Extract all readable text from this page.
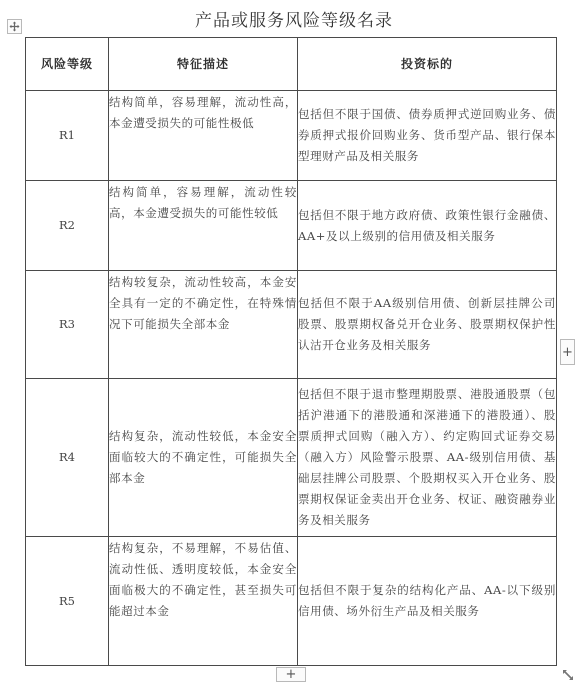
产品或服务风险等级名录
风险等级	特征描述	投资标的
R1	结构简单，容易理解，流动性高，本金遭受损失的可能性极低	包括但不限于国债、债券质押式逆回购业务、债券质押式报价回购业务、货币型产品、银行保本型理财产品及相关服务
R2	结构简单，容易理解，流动性较高，本金遭受损失的可能性较低	包括但不限于地方政府债、政策性银行金融债、AA+及以上级别的信用债及相关服务
R3	结构较复杂，流动性较高，本金安全具有一定的不确定性，在特殊情况下可能损失全部本金	包括但不限于AA级别信用债、创新层挂牌公司股票、股票期权备兑开仓业务、股票期权保护性认沽开仓业务及相关服务
R4	结构复杂，流动性较低，本金安全面临较大的不确定性，可能损失全部本金	包括但不限于退市整理期股票、港股通股票（包括沪港通下的港股通和深港通下的港股通）、股票质押式回购（融入方）、约定购回式证券交易（融入方）风险警示股票、AA-级别信用债、基础层挂牌公司股票、个股期权买入开仓业务、股票期权保证金卖出开仓业务、权证、融资融券业务及相关服务
R5	结构复杂，不易理解，不易估值、流动性低、透明度较低，本金安全面临极大的不确定性，甚至损失可能超过本金	包括但不限于复杂的结构化产品、AA-以下级别信用债、场外衍生产品及相关服务
+
+
